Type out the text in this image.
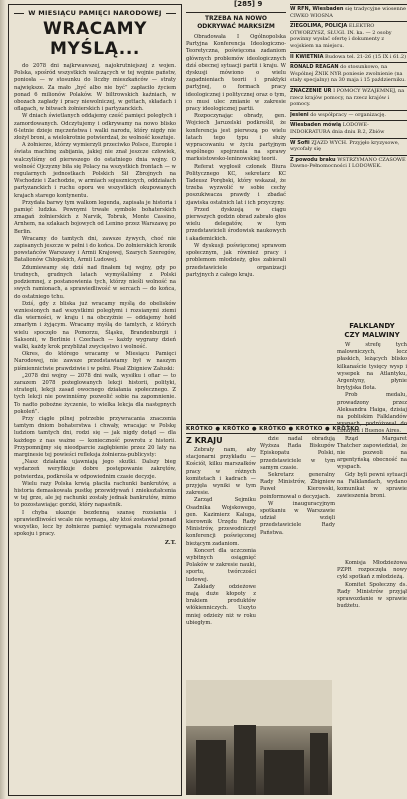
[285] 9
W MIESIĄCU PAMIĘCI NARODOWEJ
WRACAMY MYŚLĄ...

do 2078 dni najkrwawszej, najokrutniejszej z wojen. Polska, spośród wszystkich walczących w tej wojnie państw, poniosła — w stosunku do liczby mieszkańców — straty największe. Za mało „być albo nie być” zapłaciło życiem ponad 6 milionów Polaków. W biltrowskich kaźniach, w obozach zagłady i pracy niewolniczej, w gettach, składach i oflagach, w bitwach żołnierskich i partyzanckich.

W dniach świetlanych oddajemy cześć pamięci poległych i zamordowanych. Odczytujemy i odkrywamy na nowo blisko 6-letnie dzieje męczeństwa i walki narodu, który nigdy nie złożył broni, a wielokrotnie potwierdzał, że wolność kosztuje.

A żołnierze, którzy wymierzyli przeciwko Polsce, Europie i świata machinę zabijania, jakiej nie znał jeszcze człowiek, walczyliśmy od pierwszego do ostatniego dnia wojny. O wolność Ojczyzny biła się Polacy na wszystkich frontach — w regularnych jednostkach Polskich Sił Zbrojnych na Wschodzie i Zachodzie, w armiach sojuszniczych, oddziałach partyzanckich i ruchu oporu we wszystkich okupowanych krajach starego kontynentu.

Przydała barwy tym walkom legenda, zapisała je historia i pamięć ludzka. Pewnymi trwałe symbole bohaterskich zmagań żołnierskich z Narvik, Tobruk, Monte Cassino, Arnhem, na szlakach bojowych od Lenino przez Warszawę po Berlin.

Wracamy do tamtych dni, zawsze żywych, choć nie zapisanych jeszcze w pełni i do końca. Do żołnierskich kronik powstańców Warszawy i Armii Krajowej, Szarych Szeregów, Batalionów Chłopskich, Armii Ludowej.

Zdumiewamy się dziś nad finałem tej wojny, gdy po trudnych, grudnych latach wymyślaliśmy z Polski podziemnej, z postanowienia tych, którzy nieśli wolność na swych ramionach, a sprawiedliwość w sercach — do końca, do ostatniego tchu.

Dziś, gdy z bliska już wracamy myślą do obelisków wzniesionych nad wszystkimi poległymi i rozsianymi ziemi dla wierności, w kraju i na obczyźnie — oddajemy hołd zmarłym i żyjącym. Wracamy myślą do tamtych, z których wielu spoczęło na Pomorzu, Śląsku, Brandenburgii i Saksonii, w Berlinie i Czechach — każdy wygrany dzień walki, każdy krok przybliżał zwycięstwo i wolność.

Okres, do którego wracamy w Miesiącu Pamięci Narodowej, nie zawsze przedstawiamy był w naszym piśmiennictwie prawdziwie i w pełni. Pisał Zbigniew Załuski:

„2078 dni wojny — 2078 dni walk, wysiłku i ofiar — to zarazem 2078 pożeglowanych lekcji historii, polityki, strategii, lekcji zasad owocnego działania społecznego. Z tych lekcji nie powinniśmy pozwolić sobie na zapomnienie. To nadto pobożne życzenie, to wielka lekcja dla następnych pokoleń”.

Przy ciągłe pilnej potrzebie przywracania znaczenia tamtym dniom bohaterstwa i chwały, wracając w Polskę ludziom tamtych dni, rodzi się — jak nigdy dotąd — dla każdego z nas ważne — konieczność powrotu z historii. Przypomnijmy się nieodparcie zagłębienie przez 20 laty na marginesie tej powieści refleksja żołnierza-publicysty:

„Nasz działania ujawniają jego skutki. Dalszy bieg wydarzeń weryfikuje dobre postępowanie zakrętów, potwierdza, podkreśla w odpowiednim czasie decyzje.

Wielu razy Polska krwią płaciła rachunki bankrutów, a historia demaskowała pustkę przewidywań i zniekształcenia w tej grze, ale jej rachunki zostały jednak bankrutów, mimo to pozostawiając gorzki, który napastnik.

I chyba ukazuje bezdenną szansę rozsiania i sprawiedliwości wcale nie wymaga, aby ktoś zostawiał ponad wszystko, lecz by żołnierze pamięć wymagała rozważnego spokoju i pracy.

Z.T.
TRZEBA NA NOWO
ODKRYWAĆ MARKSIZM

Obradowała I Ogólnopolska Partyjna Konferencja Ideologiczno-Teoretyczna, poświęcona zadaniom głównych problemów ideologicznych dziś obecnej sytuacji partii i kraju. W dyskusji mówiono o wielu zagadnieniach teorii i praktyki partyjnej, o formach pracy ideologicznej i politycznej oraz o tym, co musi ulec zmianie w zakresie pracy ideologicznej partii.

Rozpoczynając obrady, gen. Wojciech Jaruzelski podkreślił, że konferencja jest pierwszą po wielu latach tego typu i służy wypracowaniu w życiu partyjnym wspólnego spojrzenia na sprawy marksistowsko-leninowskiej teorii.

Referat wygłosił członek Biura Politycznego KC, sekretarz KC Tadeusz Porębski, który wskazał, że trzeba wyzwolić w sobie cechy poszukiwacza prawdy i zbadać zjawiska ostatnich lat i ich przyczyny.

Przed dyskusją w ciągu pierwszych godzin obrad zabrało głos wielu delegatów, w tym przedstawicieli środowisk naukowych i akademickich.

W dyskusji poświęconej sprawom społecznym, jak również pracy i problemom młodzieży, głos zabierali przedstawiciele organizacji partyjnych z całego kraju.

W RFN, Wiesbaden się tradycyjne wiosenne CIWKO WIOSNA
ZIEGOLIMA, POLICJA ELEKTRO OTWORZYSZ, SŁUGI. IN. ka. — 2 osoby powinny wysłać ofertę i dokumenty z wojskiem na miejscu.
II KWIETNIA Budowa tel. 21-26 (15 IX i 61.2)
RONALD REAGAN do stosunkowo, na Wspólnej ŻNIK NYR poniesie zwolnienie (na stały specjalny) na 30 maja i 15 październiku.
ZNACZENIE UR I POMOCY WZAJEMNEJ, na rzecz krajów pomocy, na rzecz krajów i pomocy.
Jesieni do współpracy — organizację.
Wiesbaden mówią LODOWE-INDOKRATURA dnia dniu B.2, Zbiów
W Sofii ZJAZD WYCH. Przyjęło kryzysowe, wycofały się
Z powodu braku WSTRZYMANO CZASOWE Dawno-Pełnomocności I LODOWEK.
FALKLANDY
CZY MALWINY

W strefę tych malowniczych, lecz płaskich, leżących blisko kilkanaście tysięcy wysp i wysepek na Atlantyku, Argentyny, płynie brytyjska flota.

Prob medalu, prowadzony przez Aleksandra Haiga, dzisiaj na pobliskim Falklandów wyspach, podróżował do Londynu i Buenos Aires.

Rząd Margaret Thatcher zapowiedział, że nie pozwoli na argentyńską obecność na wyspach.

Gdy byli pewni sytuacji na Falklandach, wydano komunikat w sprawie zawieszenia broni.

KRÓTKO ● KRÓTKO ● KRÓTKO ● KRÓTKO ● KRÓTKO
Z KRAJU

Zebrały nam, aby stacjonarni przykładu — Kościół, kilku marszałków pracy w różnych komitetach i kadrach — przyjęła wyniki w tym zakresie.

Zarząd Sejmiku Osadnika Wojskowego, gen. Kazimierz Kaluga, kierownik Urzędu Rady Ministrów, przewodniczył konferencji poświęconej bieżącym zadaniom.

Koncert dla uczczenia wybitnych osiągnięć Polaków w zakresie nauki, sportu, twórczości ludowej.

Zakłady odzieżowe mają duże kłopoty z brakiem produktów włókienniczych. Uszyto mniej odzieży niż w roku ubiegłym.

dzie nadal obradują Wyższa Rada Biskupów Episkopatu Polski, przedstawiciele w tym samym czasie.

Sekretarz generalny Rady Ministrów, Zbigniew Paweł Kierowski, poinformował o decyzjach.

W inauguracyjnym spotkaniu w Warszawie udział wzięli przedstawiciele Rady Państwa.

Komisja Młodzieżowa PZPR rozpoczęła nowy cykl spotkań z młodzieżą.

Komitet Społeczny ds. Rady Ministrów przyjął sprawozdanie w sprawie budżetu.
